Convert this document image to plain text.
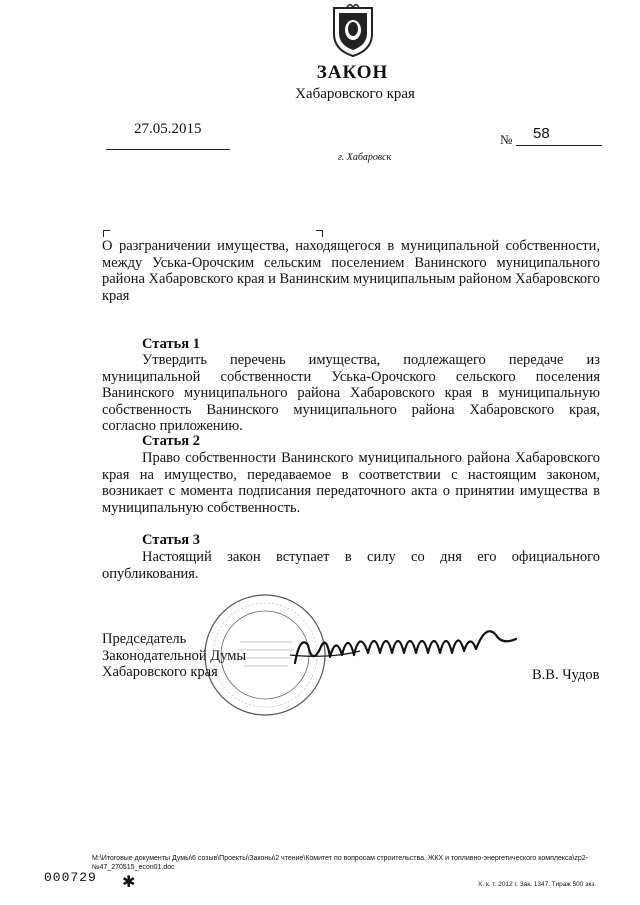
ЗАКОН
Хабаровского края
27.05.2015
№ 58
г. Хабаровск
О разграничении имущества, находящегося в муниципальной собственности, между Уська-Орочским сельским поселением Ванинского муниципального района Хабаровского края и Ванинским муниципальным районом Хабаровского края
Статья 1
Утвердить перечень имущества, подлежащего передаче из муниципальной собственности Уська-Орочского сельского поселения Ванинского муниципального района Хабаровского края в муниципальную собственность Ванинского муниципального района Хабаровского края, согласно приложению.
Статья 2
Право собственности Ванинского муниципального района Хабаровского края на имущество, передаваемое в соответствии с настоящим законом, возникает с момента подписания передаточного акта о принятии имущества в муниципальную собственность.
Статья 3
Настоящий закон вступает в силу со дня его официального опубликования.
Председатель
Законодательной Думы
Хабаровского края	В.В. Чудов
М:\Итоговые документы Думы\6 созыв\Проекты\Законы\2 чтение\Комитет по вопросам строительства, ЖКХ и топливно-энергетического комплекса\zp2-№47_270515_econ01.doc
000729 ✱	Х. к. т. 2012 г. Зак. 1347. Тираж 500 экз.
